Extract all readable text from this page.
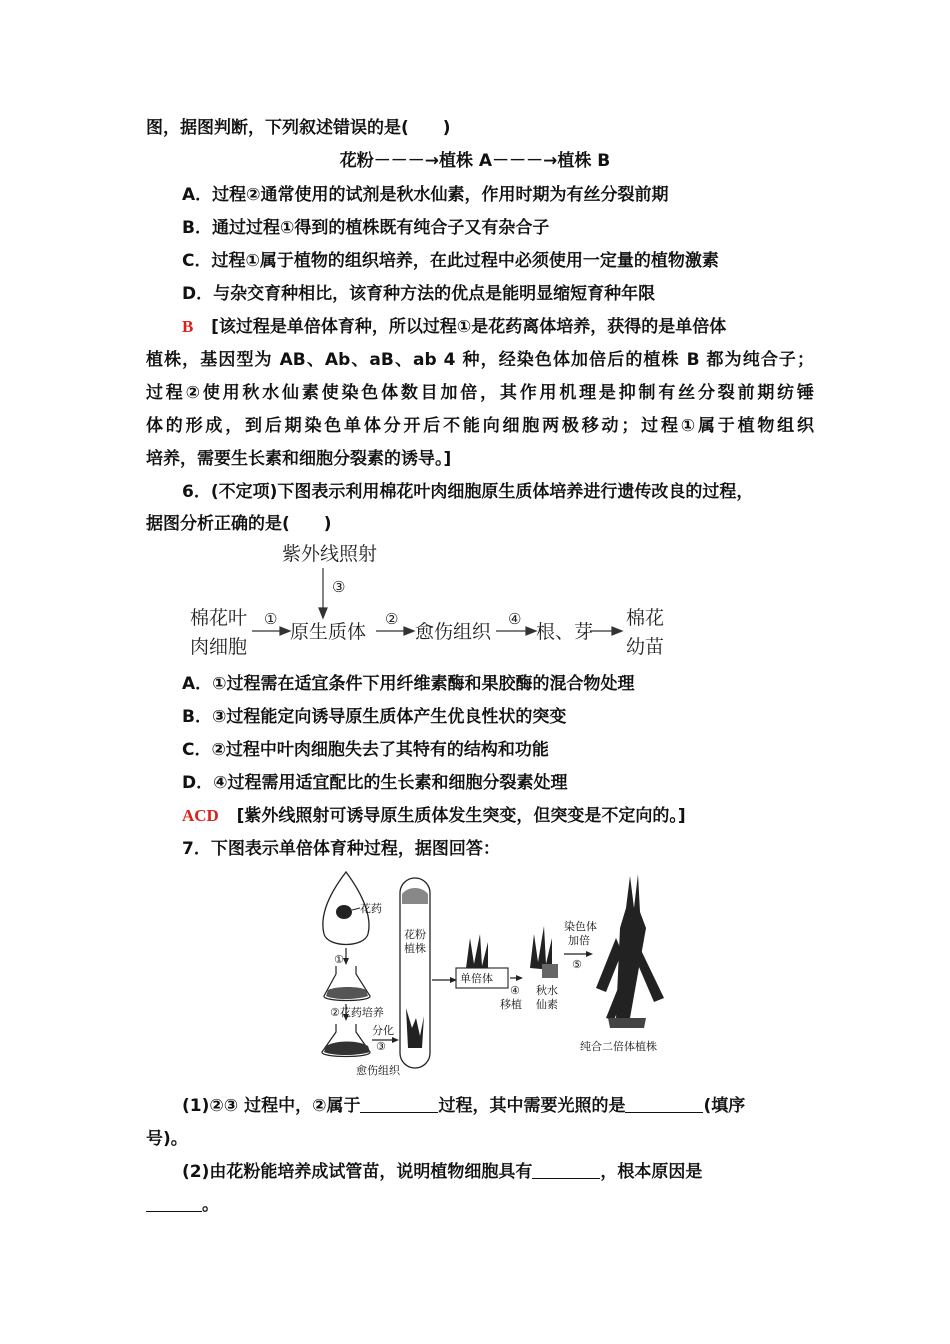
图，据图判断，下列叙述错误的是(　　)
花粉－－－→植株 A－－－→植株 B
A．过程②通常使用的试剂是秋水仙素，作用时期为有丝分裂前期
B．通过过程①得到的植株既有纯合子又有杂合子
C．过程①属于植物的组织培养，在此过程中必须使用一定量的植物激素
D．与杂交育种相比，该育种方法的优点是能明显缩短育种年限
B [该过程是单倍体育种，所以过程①是花药离体培养，获得的是单倍体
植株，基因型为 AB、Ab、aB、ab 4 种，经染色体加倍后的植株 B 都为纯合子；
过程②使用秋水仙素使染色体数目加倍，其作用机理是抑制有丝分裂前期纺锤
体的形成，到后期染色单体分开后不能向细胞两极移动；过程①属于植物组织
培养，需要生长素和细胞分裂素的诱导。]
6．(不定项)下图表示利用棉花叶肉细胞原生质体培养进行遗传改良的过程，
据图分析正确的是(　　)
紫外线照射
③
棉花叶
肉细胞
①
原生质体
②
愈伤组织
④
根、芽
棉花
幼苗
A．①过程需在适宜条件下用纤维素酶和果胶酶的混合物处理
B．③过程能定向诱导原生质体产生优良性状的突变
C．②过程中叶肉细胞失去了其特有的结构和功能
D．④过程需用适宜配比的生长素和细胞分裂素处理
ACD [紫外线照射可诱导原生质体发生突变，但突变是不定向的。]
7．下图表示单倍体育种过程，据图回答：
花药
①
②花药培养
分化
③
愈伤组织
花粉
植株
单倍体
④
移植
秋水
仙素
染色体
加倍
⑤
纯合二倍体植株
(1)②③ 过程中，②属于	过程，其中需要光照的是	(填序
号)。
(2)由花粉能培养成试管苗，说明植物细胞具有	，根本原因是
。
